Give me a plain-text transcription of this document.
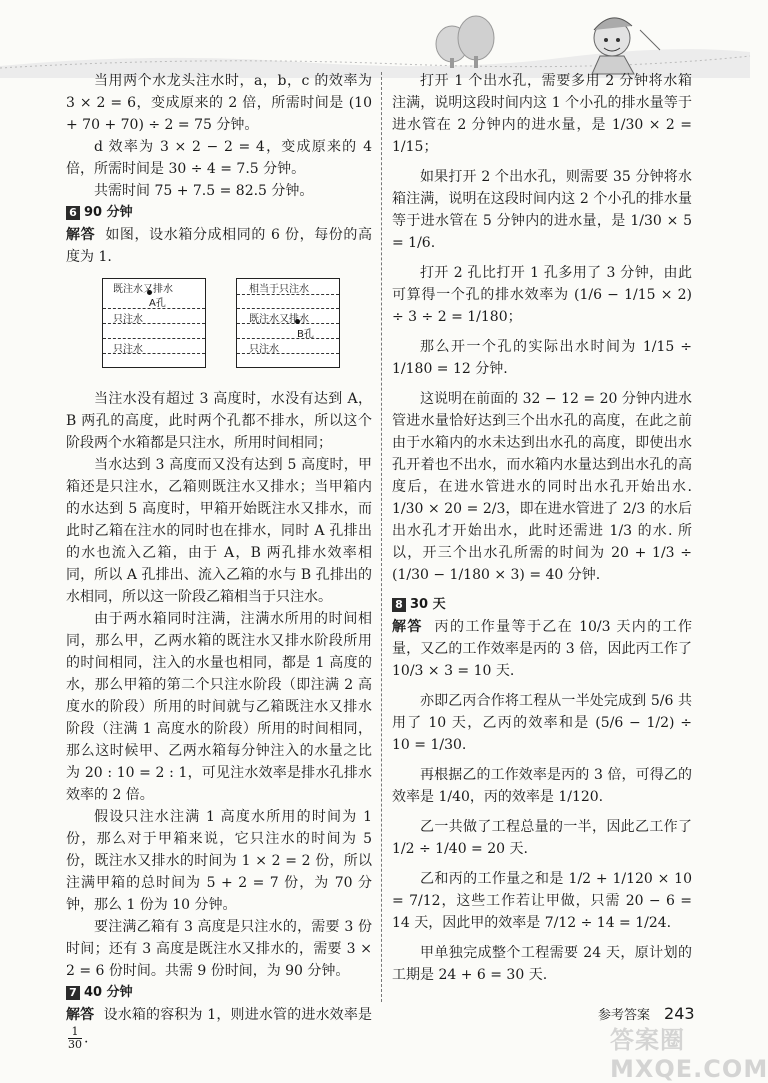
当用两个水龙头注水时，a，b，c 的效率为 3 × 2 = 6，变成原来的 2 倍，所需时间是 (10 + 70 + 70) ÷ 2 = 75 分钟。

d 效率为 3 × 2 − 2 = 4，变成原来的 4 倍，所需时间是 30 ÷ 4 = 7.5 分钟。

共需时间 75 + 7.5 = 82.5 分钟。

6 90 分钟

解答 如图，设水箱分成相同的 6 份，每份的高度为 1.

既注水又排水
A孔
只注水
只注水
相当于只注水
既注水又排水
B孔
只注水

当注水没有超过 3 高度时，水没有达到 A，B 两孔的高度，此时两个孔都不排水，所以这个阶段两个水箱都是只注水，所用时间相同；

当水达到 3 高度而又没有达到 5 高度时，甲箱还是只注水，乙箱则既注水又排水；当甲箱内的水达到 5 高度时，甲箱开始既注水又排水，而此时乙箱在注水的同时也在排水，同时 A 孔排出的水也流入乙箱，由于 A，B 两孔排水效率相同，所以 A 孔排出、流入乙箱的水与 B 孔排出的水相同，所以这一阶段乙箱相当于只注水。

由于两水箱同时注满，注满水所用的时间相同，那么甲，乙两水箱的既注水又排水阶段所用的时间相同，注入的水量也相同，都是 1 高度的水，那么甲箱的第二个只注水阶段（即注满 2 高度水的阶段）所用的时间就与乙箱既注水又排水阶段（注满 1 高度水的阶段）所用的时间相同，那么这时候甲、乙两水箱每分钟注入的水量之比为 20 : 10 = 2 : 1，可见注水效率是排水孔排水效率的 2 倍。

假设只注水注满 1 高度水所用的时间为 1 份，那么对于甲箱来说，它只注水的时间为 5 份，既注水又排水的时间为 1 × 2 = 2 份，所以注满甲箱的总时间为 5 + 2 = 7 份，为 70 分钟，那么 1 份为 10 分钟。

要注满乙箱有 3 高度是只注水的，需要 3 份时间；还有 3 高度是既注水又排水的，需要 3 × 2 = 6 份时间。共需 9 份时间，为 90 分钟。

7 40 分钟

解答 设水箱的容积为 1，则进水管的进水效率是
$\frac{1}{30}$ .

打开 1 个出水孔，需要多用 2 分钟将水箱注满，说明这段时间内这 1 个小孔的排水量等于进水管在 2 分钟内的进水量，是 1/30 × 2 = 1/15；

如果打开 2 个出水孔，则需要 35 分钟将水箱注满，说明在这段时间内这 2 个小孔的排水量等于进水管在 5 分钟内的进水量，是 1/30 × 5 = 1/6.

打开 2 孔比打开 1 孔多用了 3 分钟，由此可算得一个孔的排水效率为 (1/6 − 1/15 × 2) ÷ 3 ÷ 2 = 1/180；

那么开一个孔的实际出水时间为 1/15 ÷ 1/180 = 12 分钟.

这说明在前面的 32 − 12 = 20 分钟内进水管进水量恰好达到三个出水孔的高度，在此之前由于水箱内的水未达到出水孔的高度，即使出水孔开着也不出水，而水箱内水量达到出水孔的高度后，在进水管进水的同时出水孔开始出水. 1/30 × 20 = 2/3，即在进水管进了 2/3 的水后出水孔才开始出水，此时还需进 1/3 的水. 所以，开三个出水孔所需的时间为 20 + 1/3 ÷ (1/30 − 1/180 × 3) = 40 分钟.

8 30 天

解答 丙的工作量等于乙在 10/3 天内的工作量，又乙的工作效率是丙的 3 倍，因此丙工作了 10/3 × 3 = 10 天.

亦即乙丙合作将工程从一半处完成到 5/6 共用了 10 天，乙丙的效率和是 (5/6 − 1/2) ÷ 10 = 1/30.

再根据乙的工作效率是丙的 3 倍，可得乙的效率是 1/40，丙的效率是 1/120.

乙一共做了工程总量的一半，因此乙工作了 1/2 ÷ 1/40 = 20 天.

乙和丙的工作量之和是 1/2 + 1/120 × 10 = 7/12，这些工作若让甲做，只需 20 − 6 = 14 天，因此甲的效率是 7/12 ÷ 14 = 1/24.

甲单独完成整个工程需要 24 天，原计划的工期是 24 + 6 = 30 天.

参考答案 243
答案圈 MXQE.COM
